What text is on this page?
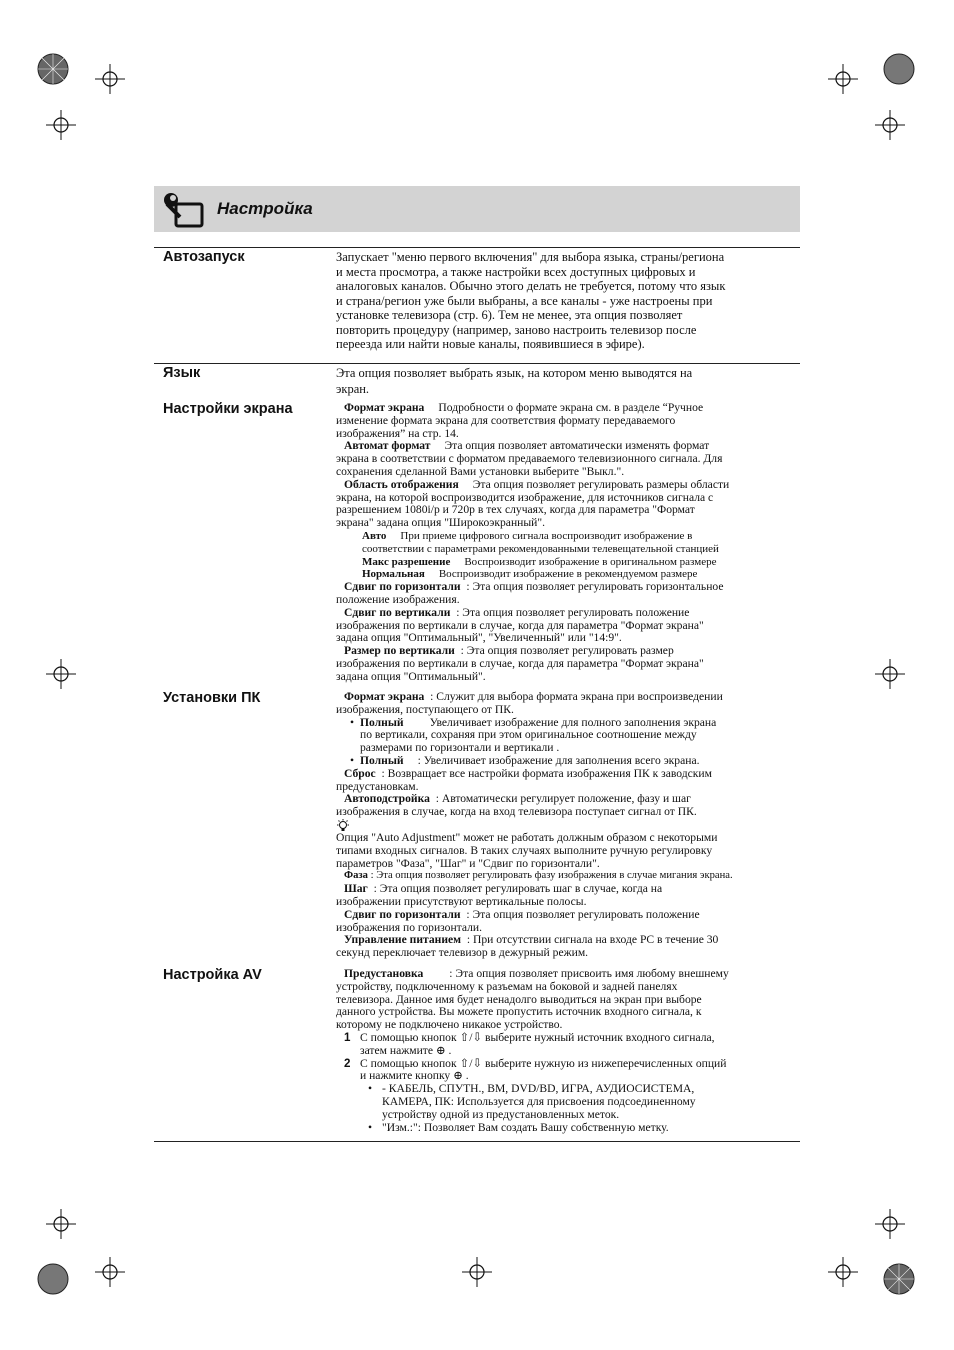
Настройка
Автозапуск	Запускает "меню первого включения" для выбора языка, страны/региона

и места просмотра, а также настройки всех доступных цифровых и

аналоговых каналов. Обычно этого делать не требуется, потому что язык

и страна/регион уже были выбраны, а все каналы - уже настроены при

установке телевизора (стр. 6). Тем не менее, эта опция позволяет

повторить процедуру (например, заново настроить телевизор после

переезда или найти новые каналы, появившиеся в эфире).

Язык	Эта опция позволяет выбрать язык, на котором меню выводятся на

экран.

Настройки экрана	Формат экрана Подробности о формате экрана см. в разделе “Ручное

изменение формата экрана для соответствия формату передаваемого

изображения” на стр. 14.

Автомат формат Эта опция позволяет автоматически изменять формат

экрана в соответствии с форматом предаваемого телевизионного сигнала. Для

сохранения сделанной Вами установки выберите "Выкл.".

Область отображения Эта опция позволяет регулировать размеры области

экрана, на которой воспроизводится изображение, для источников сигнала с

разрешением 1080i/p и 720p в тех случаях, когда для параметра "Формат

экрана" задана опция "Широкоэкранный".

Авто При приеме цифрового сигнала воспроизводит изображение в

соответствии с параметрами рекомендованными телевещательной станцией

Макс разрешение Воспроизводит изображение в оригинальном размере

Нормальная Воспроизводит изображение в рекомендуемом размере

Сдвиг по горизонтали : Эта опция позволяет регулировать горизонтальное

положение изображения.

Сдвиг по вертикали : Эта опция позволяет регулировать положение

изображения по вертикали в случае, когда для параметра "Формат экрана"

задана опция "Оптимальный", "Увеличенный" или "14:9".

Размер по вертикали : Эта опция позволяет регулировать размер

изображения по вертикали в случае, когда для параметра "Формат экрана"

задана опция "Оптимальный".

Установки ПК	Формат экрана : Служит для выбора формата экрана при воспроизведении

изображения, поступающего от ПК.

• Полный Увеличивает изображение для полного заполнения экрана

по вертикали, сохраняя при этом оригинальное соотношение между

размерами по горизонтали и вертикали .

• Полный : Увеличивает изображение для заполнения всего экрана.

Сброс : Возвращает все настройки формата изображения ПК к заводским

предустановкам.

Автоподстройка : Автоматически регулирует положение, фазу и шаг

изображения в случае, когда на вход телевизора поступает сигнал от ПК.

Опция "Auto Adjustment" может не работать должным образом с некоторыми

типами входных сигналов. В таких случаях выполните ручную регулировку

параметров "Фаза", "Шаг" и "Сдвиг по горизонтали".

Фаза : Эта опция позволяет регулировать фазу изображения в случае мигания экрана.

Шаг : Эта опция позволяет регулировать шаг в случае, когда на

изображении присутствуют вертикальные полосы.

Сдвиг по горизонтали : Эта опция позволяет регулировать положение

изображения по горизонтали.

Управление питанием : При отсутствии сигнала на входе PC в течение 30

секунд переключает телевизор в дежурный режим.

Настройка AV	Предустановка : Эта опция позволяет присвоить имя любому внешнему

устройству, подключенному к разъемам на боковой и задней панелях

телевизора. Данное имя будет ненадолго выводиться на экран при выборе

данного устройства. Вы можете пропустить источник входного сигнала, к

которому не подключено никакое устройство.

1 С помощью кнопок ⇧/⇩ выберите нужный источник входного сигнала,

затем нажмите ⊕ .

2 С помощью кнопок ⇧/⇩ выберите нужную из нижеперечисленных опций

и нажмите кнопку ⊕ .

• - КАБЕЛЬ, СПУТН., ВМ, DVD/BD, ИГРА, АУДИОСИСТЕМА,

КАМЕРА, ПК: Используется для присвоения подсоединенному

устройству одной из предустановленных меток.

• "Изм.:": Позволяет Вам создать Вашу собственную метку.
